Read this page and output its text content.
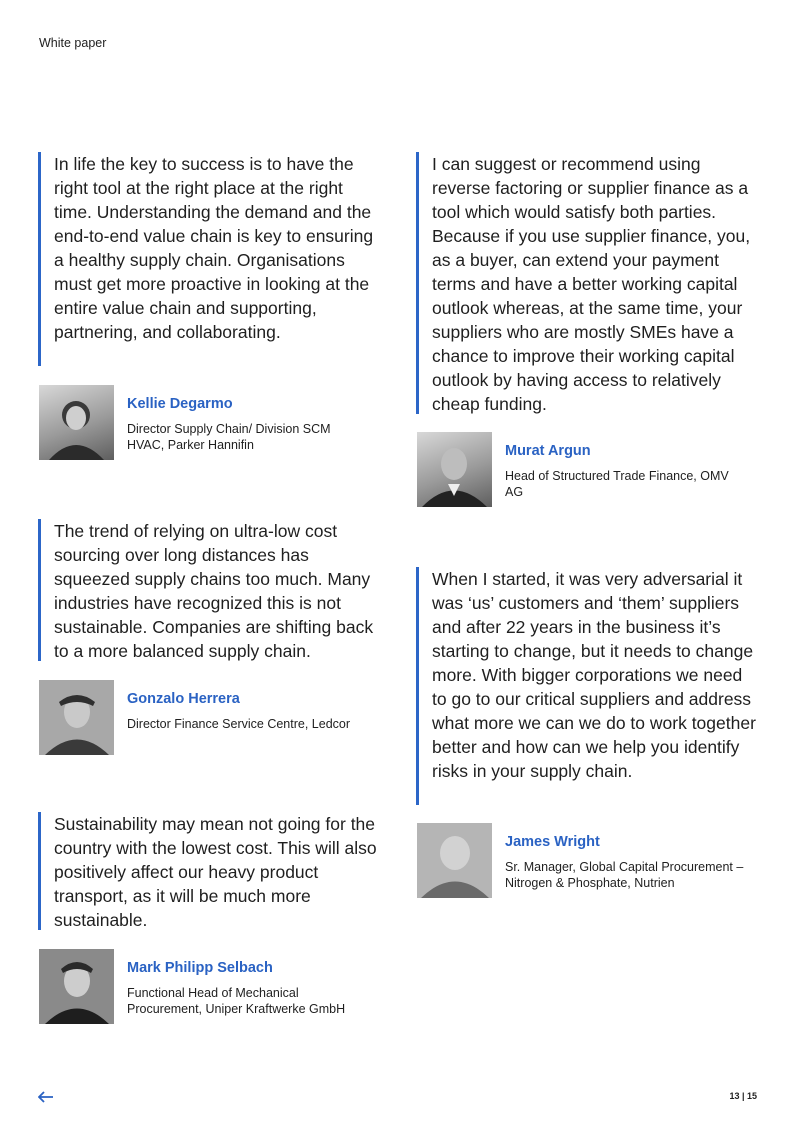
White paper

In life the key to success is to have the right tool at the right place at the right time. Understanding the demand and the end-to-end value chain is key to ensuring a healthy supply chain. Organisations must get more proactive in looking at the entire value chain and supporting, partnering, and collaborating.

Kellie Degarmo
Director Supply Chain/ Division SCM HVAC, Parker Hannifin

I can suggest or recommend using reverse factoring or supplier finance as a tool which would satisfy both parties. Because if you use supplier finance, you, as a buyer, can extend your payment terms and have a better working capital outlook whereas, at the same time, your suppliers who are mostly SMEs have a chance to improve their working capital outlook by having access to relatively cheap funding.

Murat Argun
Head of Structured Trade Finance, OMV AG

The trend of relying on ultra-low cost sourcing over long distances has squeezed supply chains too much. Many industries have recognized this is not sustainable. Companies are shifting back to a more balanced supply chain.

Gonzalo Herrera
Director Finance Service Centre, Ledcor

When I started, it was very adversarial it was ‘us’ customers and ‘them’ suppliers and after 22 years in the business it’s starting to change, but it needs to change more. With bigger corporations we need to go to our critical suppliers and address what more we can we do to work together better and how can we help you identify risks in your supply chain.

James Wright
Sr. Manager, Global Capital Procurement – Nitrogen & Phosphate, Nutrien

Sustainability may mean not going for the country with the lowest cost. This will also positively affect our heavy product transport, as it will be much more sustainable.

Mark Philipp Selbach
Functional Head of Mechanical Procurement, Uniper Kraftwerke GmbH
13 | 15
